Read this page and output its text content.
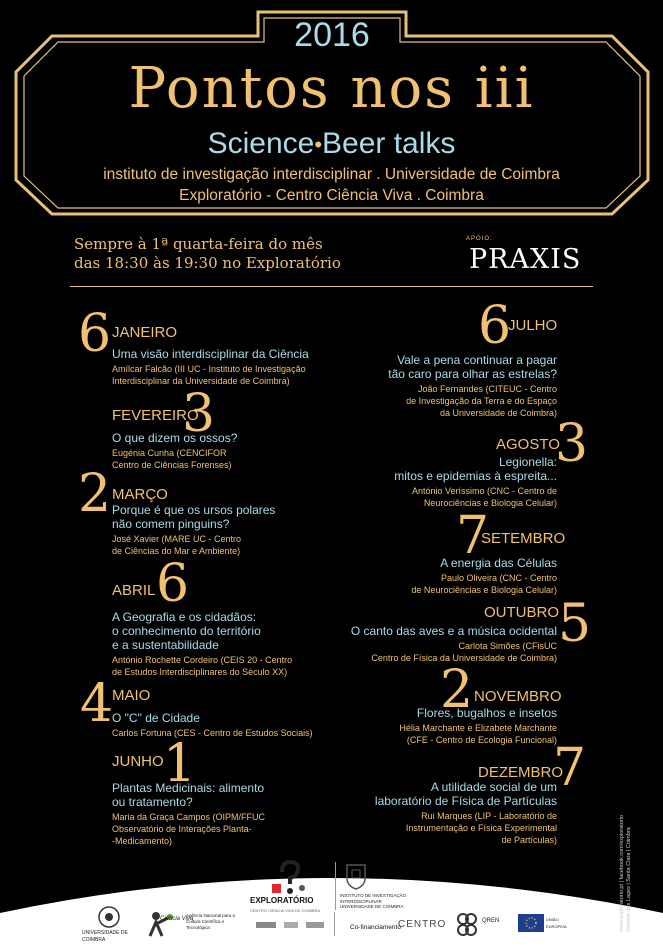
2016
Pontos nos iii
Science•Beer talks
instituto de investigação interdisciplinar . Universidade de Coimbra
Exploratório - Centro Ciência Viva . Coimbra
Sempre à 1ª quarta-feira do mês
das 18:30 às 19:30 no Exploratório
APOIO:
PRAXIS
6 JANEIRO
Uma visão interdisciplinar da Ciência
Amílcar Falcão (III UC - Instituto de Investigação
Interdisciplinar da Universidade de Coimbra)
3
FEVEREIRO
O que dizem os ossos?
Eugénia Cunha (CENCIFOR
Centro de Ciências Forenses)
2 MARÇO
Porque é que os ursos polares
não comem pinguins?
José Xavier (MARE UC - Centro
de Ciências do Mar e Ambiente)
6
ABRIL
A Geografia e os cidadãos:
o conhecimento do território
e a sustentabilidade
António Rochette Cordeiro (CEIS 20 - Centro
de Estudos Interdisciplinares do Século XX)
4
MAIO
O "C" de Cidade
Carlos Fortuna (CES - Centro de Estudos Sociais)
1
JUNHO
Plantas Medicinais: alimento
ou tratamento?
Maria da Graça Campos (OIPM/FFUC
Observatório de Interações Planta-
-Medicamento)
6
JULHO
Vale a pena continuar a pagar
tão caro para olhar as estrelas?
João Fernandes (CITEUC - Centro
de Investigação da Terra e do Espaço
da Universidade de Coimbra)
3
AGOSTO
Legionella:
mitos e epidemias à espreita...
António Veríssimo (CNC - Centro de
Neurociências e Biologia Celular)
7
SETEMBRO
A energia das Células
Paulo Oliveira (CNC - Centro
de Neurociências e Biologia Celular)
5
OUTUBRO
O canto das aves e a música ocidental
Carlota Simões (CFisUC
Centro de Física da Universidade de Coimbra)
2 NOVEMBRO
Flores, bugalhos e insetos
Hélia Marchante e Elizabete Marchante
(CFE - Centro de Ecologia Funcional)
7
DEZEMBRO
A utilidade social de um
laboratório de Física de Partículas
Rui Marques (LIP - Laboratório de
Instrumentação e Física Experimental
de Partículas)
EXPLORATÓRIO
CENTRO CIÊNCIA VIVA DE COIMBRA
INSTITUTO DE INVESTIGAÇÃO INTERDISCIPLINAR
UNIVERSIDADE DE COIMBRA
UNIVERSIDADE DE COIMBRA
Ciência Viva
Agência Nacional para a Cultura Científica e Tecnológica	Co-financiamento
CENTRO	QREN	UNIÃO EUROPEIA	www.exploratorio.pt | facebook.com/exploratorio Reitoria das Lages | Santa Clara | Coimbra
